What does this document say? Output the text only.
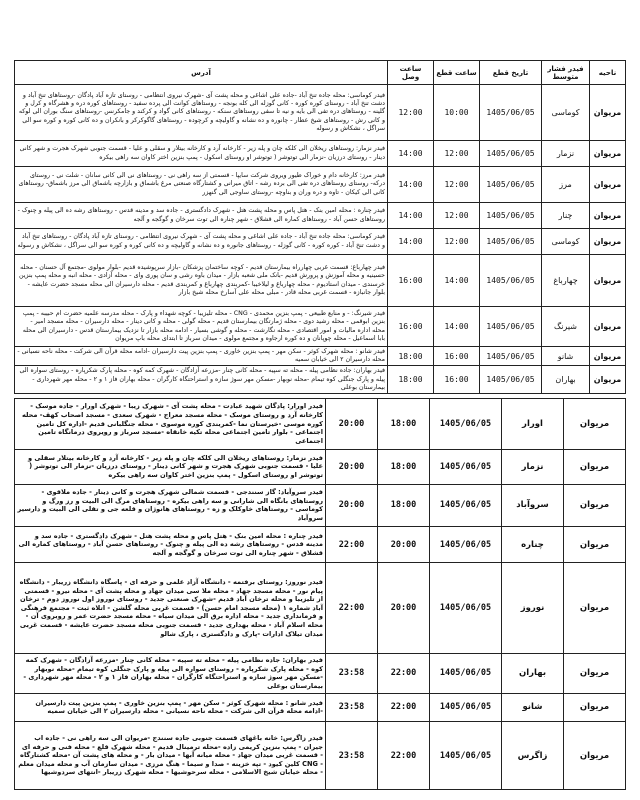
ناحیه	فیدر فشار متوسط	تاریخ قطع	ساعت قطع	ساعت وصل	آدرس
مریوان	کوماسی	1405/06/05	10:00	12:00	فیدر کوماسی: محله جاده تنخ آباد -جاده علی اشاغی و محله پشت آی -شهرک نیروی انتظامی - روستای تازه آباد پادگان -روستاهای تنخ آباد و دشت تنخ آباد - روستای کوره کوره - کانی گوزله الی کله بونجه - روستاهای کوانت الی پرده سفید - روستاهای کوره دره و هشرگاه و کرل و گلینه - روستاهای دره تفی الی بایه و نیه تا سفی روستاهای سنکه - روستاهای کانی گواد و کرکند و جامکرنس -روستاهای سنگ بوران الی لوکه و کانی رش - روستاهای شیخ عطار - چانوره و ده نشانه و گاولیچه و کرچوده - روستاهای گاگوکرکر و بانکران و ده کانی کوره و کوره سو الی سراگل ، نشکاش و رسوله
مریوان	نزمار	1405/06/05	12:00	14:00	فیدر نزمار: روستاهای ریخلان الی کلکه چان و پله زیر - کارخانه آرد و کارخانه بیتلار و سقلی و علیا - قسمت جنوبی شهرک هجرت و شهر کانی دینار - روستای درزیان -نزمار الی توتوشر ( توتوشر او روستای اسکول - پمپ بنزین اختر کاوان سه راهی بیکره
مریوان	مرز	1405/06/05	12:00	14:00	فیدر مرز: کارخانه دام و خوراک طیور ویروی شرکت سایپا - قسمتی از سه راهی نی - روستاهای نی الی کانی سانان - شلت نی - روستای درکه- روستای روستاهای دره تفی الی برده رشه - اتاق میرانی و کشتارگاه صنعتی مرغ باشماق و بازارچه باشماق الی مرز باشماق- روستاهای کانی الی کیکان - تاوه و دره وران و بناوچه -روستای ساوجی الی گنهزر
مریوان	چنار	1405/06/05	12:00	14:00	فیدر چناره : محله امین بنک - هتل پاس و محله پشت هتل - شهرک دادگستری - جاده سد و مدینه قدس - روستاهای رشه ده الی پیله و چنوک - روستاهای حسن آباد - روستاهای کماره الی قشلاق - شهر چناره الی توت سرخان و گوگجه و آلجه
مریوان	کوماسی	1405/06/05	12:00	14:00	فیدر کوماسی: محله جاده تنخ آباد - جاده علی اشاغی و محله پشت آی - شهرک نیروی انتظامی - روستای تازه آباد پادگان - روستاهای تنخ آباد و دشت تنخ آباد - کوره کوره - کانی گوزله - روستاهای جانوره و ده نشانه و گاولیچه و ده کانی کوره و کوره سو الی سراگل ، نشکاش و رسوله
مریوان	چهارباغ	1405/06/05	14:00	16:00	فیدر چهارباغ: قسمت غربی چهارراه بیمارستان قدیم - کوچه ساختمان پزشکان -بازار سرپوشیده قدیم -بلوار مولوی -مجتمع آل حسنان - محله حسینیه و محله آموزش و پرورش قدیم -بانک ملی شعبه بازار - میدان باوه رشی و سان پوری وای - محله آزادی - محله انبه و محله پمپ بنزین خرسندی - میدان استادیوم - محله چهارباغ و لیلاخیبا -کمربندی چهارباغ و کمربندی قدیم - محله دارسیران الی محله مسجد حضرت عایشه - بلوار جانبازه - قسمت غربی محله قادر - مبلی محله علی آسارخ محله شیخ بازار
مریوان	شیرنگ	1405/06/05	14:00	16:00	فیدر شیرنگ: - و منابع طبیعی - پمپ بنزین محمدی - CNG - محله تلیزیبا - کوچه شهداء و پارک - محله مدرسه علمیه حضرت ام حبیبه - پمپ بنزین ابوقمی - محله رشید دوی - محله ژمارتگان بیمارستان قدیم - محله گولی - محله و کانی دینار - محله دارسیران - محله مسجد امیر - محله اداره مالیات و امور اقتصادی - محله نگارشت - محله و گوشی بسیار - ادامه محله بازار تا نزدیک بیمارستان قدس - دارسیران الی محله بابا اسماعیل - محله چوپانان و ده کوره ارجاوه و مجتمع مولوی - میدان سرباز تا ابتدای محله باپ مریوان
مریوان	شانو	1405/06/05	16:00	18:00	فیدر شانو : محله شهرک کوثر - سکن مهر - پمپ بنزین خاوری - پمپ بنزین پیت دارسیران -ادامه محله قرآن الی شرکت - محله ناحه نسیانی - محله دارسیران ۲ الی خیابان سمیه
مریوان	بهاران	1405/06/05	16:00	18:00	فیدر بهاران: جاده نظامی پیله - محله ته سپیه - محله کانی چنار -مزرعه آزادگان - شهرک کمه کوه - محله پارک شکرپاره - روستای سواره الی پیله و پارک جنگلی کوه تیمام -محله نوبهار -مسکن مهر سوژ سازه و استراحتگاه کارگران - محله بهاران فاز ۱ و ۲ - محله مهر شهرداری - بیمارستان بوعلی
مریوان	اورار	1405/06/05	18:00	20:00	فیدر اورار: پادگان شهید عبادت - محله پشت آی - شهرک زیبا - شهرک اورار - جاده موسک - کارخانه آرد و روستای موسک - محله مسجد معراج - شهرک سعدی - مسجد اصحاب کهف- محله کوره موسی -خیرستان نما -کمربندی کوره موسوی - محله جنگلبانی قدیم -اداره کل تامین اجتماعی - بلوار تامین اجتماعی محله تکیه خانقاه -مسجد سرباز و رویروی درمانگاه تامین اجتماعی
مریوان	نزمار	1405/06/05	18:00	20:00	فیدر نزمار: روستاهای ریخلان الی کلکه چان و پله زیر - کارخانه آرد و کارخانه بیتلار سقلی و علیا - قسمت جنوبی شهرک هجرت و شهر کانی دینار - روستای درزیان -نزمار الی توتوشر ( توتوشر او روستای اسکول - پمپ بنزین اختر کاوان سه راهی بیکره
مریوان	سروآباد	1405/06/05	18:00	20:00	فیدر سروآباد: گاز سنندجی - قسمت شمالی شهرک هجرت و کانی دینار - جاده ملاقوی - روستاهای بانگاه الی شارانی و سه راهی بیکره - روستاهای مرگ الی البیت و رز ورگ و کوماسی - روستاهای خاوکلک و زه - روستاهای هانوژان و قلعه جی و تفلی الی البیت و دارسیر سروآباد
مریوان	چناره	1405/06/05	20:00	22:00	فیدر چناره : محله امین بنک - هتل پاس و محله پشت هتل - شهرک دادگستری - جاده سد و مدینه قدس - روستاهای رشه ده الی پیله و چنوک - روستاهای حسن آباد - روستاهای کماره الی قشلاق - شهر چناره الی توت سرخان و گوگجه و آلجه
مریوان	نوروز	1405/06/05	20:00	22:00	فیدر نوروز: روستای برفتمه - دانشگاه آزاد علمی و حرفه ای - پاسگاه دانشگاه زریبار - دانشگاه پیام نور - محله مسجد جهاد - محله ملا سی میدان جهاد و محله پشت آی - محله نیرو - قسمتی از تلیزیبا و محله ترخان آباد قدیم -شهرک صنعتی جدید - روستای نوروز اول نوروز دوم - ترخان آباد شماره ۱ (محله مسجد امام حسن) - قسمت غربی محله گلشن - اتلاه ثبت - مجتمع فرهنگی و فرمانداری جدید - محله اداره برق الی میدان سیاه - محله مسجد حضرت عمر و روبروی آن - محله اسلام آباد - محله بهداری جدید - قسمت جنوبی محله مسجد حضرت عایشه - قسمت غربی میدان تیلاک ادارات -پارک و دادگستری ، پارک شالو
مریوان	بهاران	1405/06/05	22:00	23:58	فیدر بهاران: جاده نظامی پیله - محله ته سپیه - محله کانی چنار -مزرعه آزادگان - شهرک کمه کوه - محله پارک شکرپاره - روستای سواره الی پیله و پارک جنگلی کوه تیمام -محله نوبهار -مسکن مهر سوژ سازه و استراحتگاه کارگران - محله بهاران فاز ۱ و ۲ - محله مهر شهرداری - بیمارستان بوعلی
مریوان	شانو	1405/06/05	22:00	23:58	فیدر شانو : محله شهرک کوثر - سکن مهر - پمپ بنزین خاوری - پمپ بنزین پیت دارسیران -ادامه محله قرآن الی شرکت - محله ناحه نسیانی - محله دارسیران ۲ الی خیابان سمیه
مریوان	زاگرس	1405/06/05	22:00	23:58	فیدر زاگرس: خانه باغهای قسمت جنوبی جاده سنندج -مریوان الی سه راهی نی - جاده اب جیران - پمپ بنزین کریمی زاده -محله ترمینال قدیم - محله شهرک قلع - محله فنی و حرفه ای - قسمت غربی میدان جهاد - محله میانه آبها - میدان بار - و محله های پشت آن -محله کشتارگاه - CNG کلین کیود - تپه خزینه - صدا و سیما - هنگ مرزی - میدان سازمان آب و محله میدان معلم - محله خیابان شیخ الاسلامی - محله سرحوشیها - محله شهرک زریبار -انتهای سردوشیها
